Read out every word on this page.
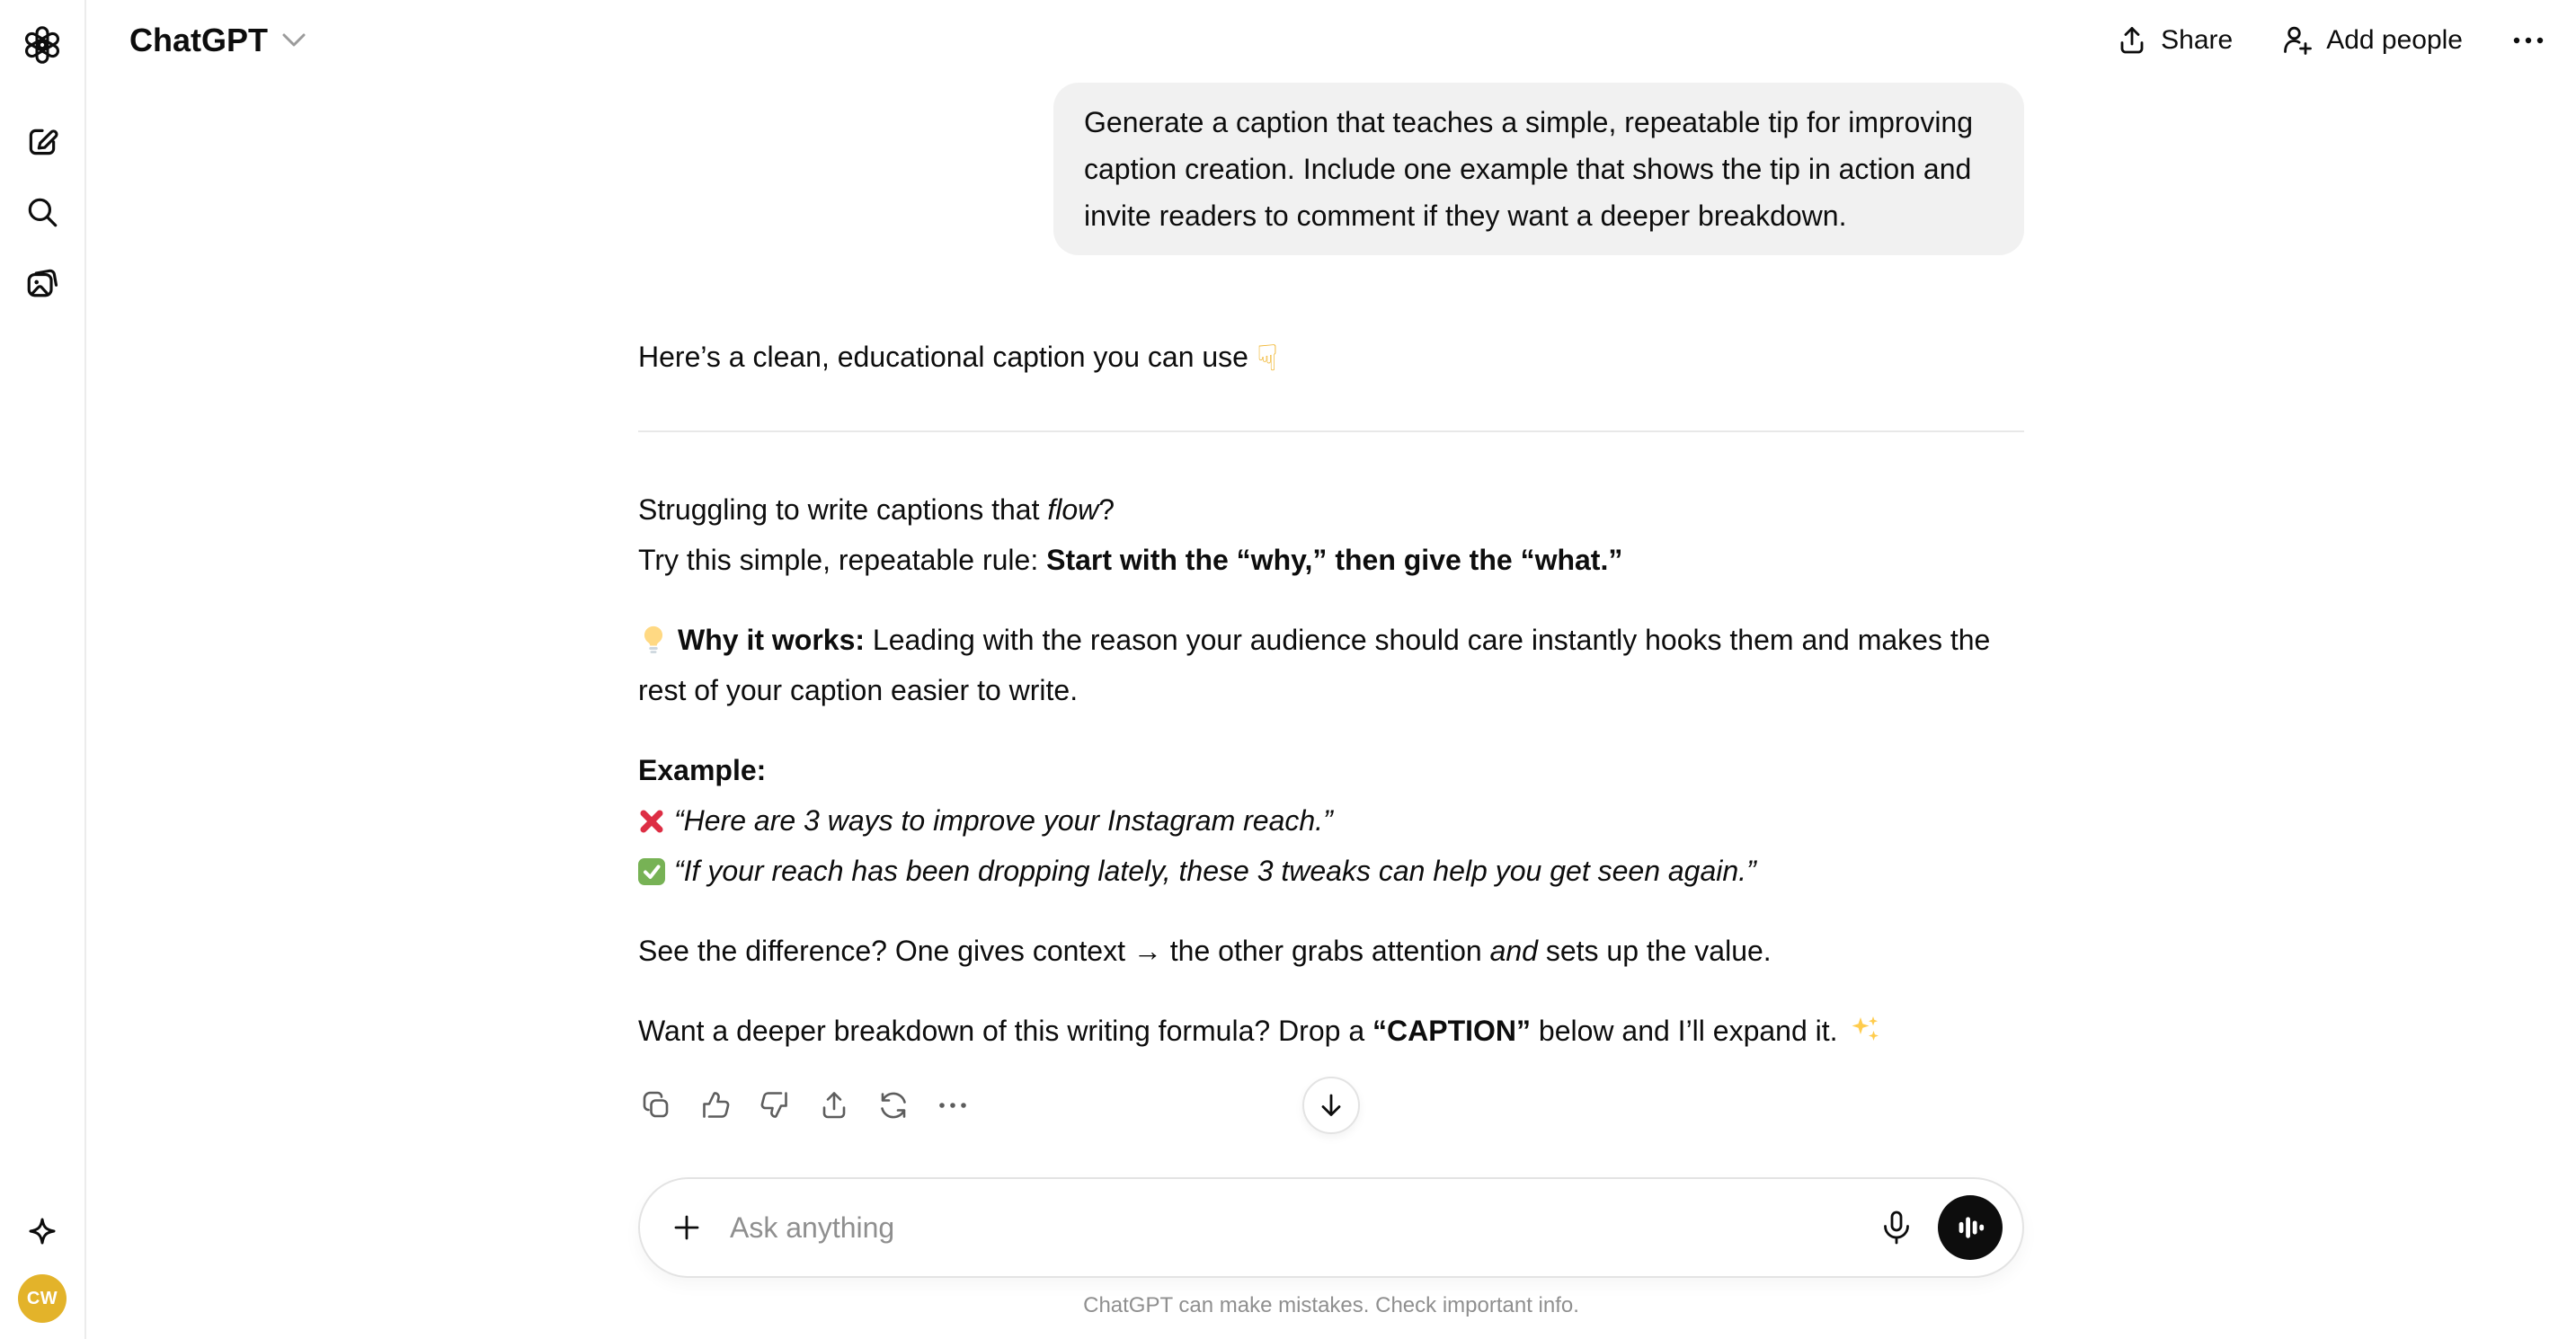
CW
ChatGPT	Share	Add people
Generate a caption that teaches a simple, repeatable tip for improving caption creation. Include one example that shows the tip in action and invite readers to comment if they want a deeper breakdown.

Here’s a clean, educational caption you can use ☟

Struggling to write captions that flow?
Try this simple, repeatable rule: Start with the “why,” then give the “what.”

Why it works: Leading with the reason your audience should care instantly hooks them and makes the rest of your caption easier to write.

Example:

“Here are 3 ways to improve your Instagram reach.”

“If your reach has been dropping lately, these 3 tweaks can help you get seen again.”

See the difference? One gives context → the other grabs attention and sets up the value.

Want a deeper breakdown of this writing formula? Drop a “CAPTION” below and I’ll expand it.

Ask anything
ChatGPT can make mistakes. Check important info.
